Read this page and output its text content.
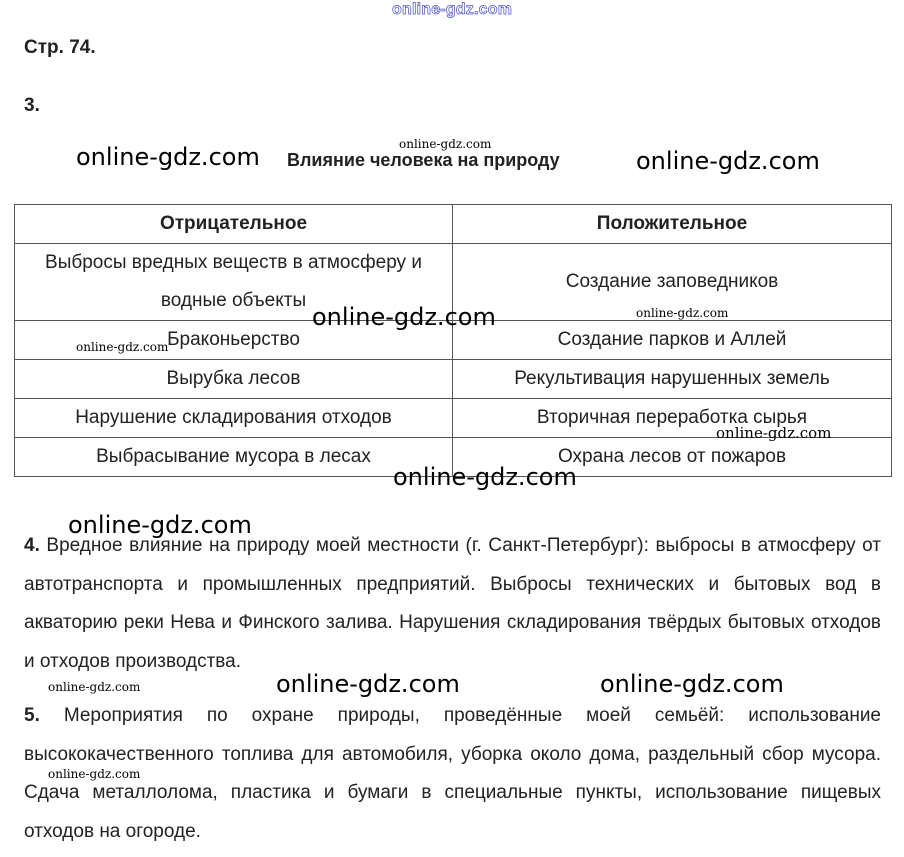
online-gdz.com
Стр. 74.
3.
online-gdz.com
online-gdz.com Влияние человека на природу	online-gdz.com
Отрицательное	Положительное
Выбросы вредных веществ в атмосферу и водные объекты	Создание заповедников
Браконьерство	Создание парков и Аллей
Вырубка лесов	Рекультивация нарушенных земель
Нарушение складирования отходов	Вторичная переработка сырья
Выбрасывание мусора в лесах	Охрана лесов от пожаров
online-gdz.com
online-gdz.com
online-gdz.com
online-gdz.com
online-gdz.com
online-gdz.com
4. Вредное влияние на природу моей местности (г. Санкт-Петербург): выбросы в атмосферу от автотранспорта и промышленных предприятий. Выбросы технических и бытовых вод в акваторию реки Нева и Финского залива. Нарушения складирования твёрдых бытовых отходов и отходов производства.
online-gdz.com	online-gdz.com	online-gdz.com
5. Мероприятия по охране природы, проведённые моей семьёй: использование высококачественного топлива для автомобиля, уборка около дома, раздельный сбор мусора. Сдача металлолома, пластика и бумаги в специальные пункты, использование пищевых отходов на огороде.
online-gdz.com
